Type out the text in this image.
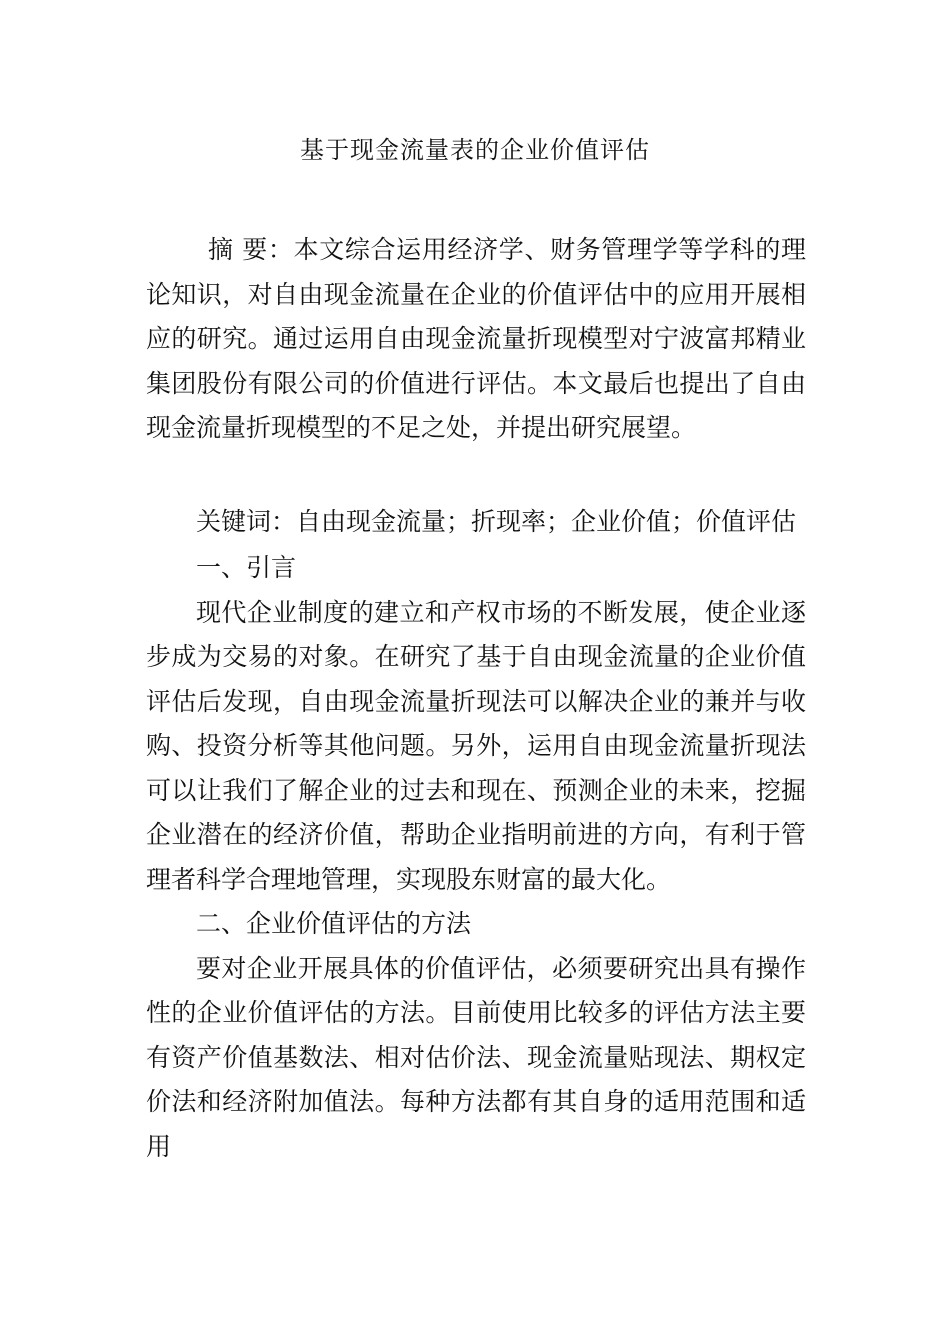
基于现金流量表的企业价值评估

摘 要：本文综合运用经济学、财务管理学等学科的理论知识，对自由现金流量在企业的价值评估中的应用开展相应的研究。通过运用自由现金流量折现模型对宁波富邦精业集团股份有限公司的价值进行评估。本文最后也提出了自由现金流量折现模型的不足之处，并提出研究展望。

关键词：自由现金流量；折现率；企业价值；价值评估

一、引言

现代企业制度的建立和产权市场的不断发展，使企业逐步成为交易的对象。在研究了基于自由现金流量的企业价值评估后发现，自由现金流量折现法可以解决企业的兼并与收购、投资分析等其他问题。另外，运用自由现金流量折现法可以让我们了解企业的过去和现在、预测企业的未来，挖掘企业潜在的经济价值，帮助企业指明前进的方向，有利于管理者科学合理地管理，实现股东财富的最大化。

二、企业价值评估的方法

要对企业开展具体的价值评估，必须要研究出具有操作性的企业价值评估的方法。目前使用比较多的评估方法主要有资产价值基数法、相对估价法、现金流量贴现法、期权定价法和经济附加值法。每种方法都有其自身的适用范围和适用
